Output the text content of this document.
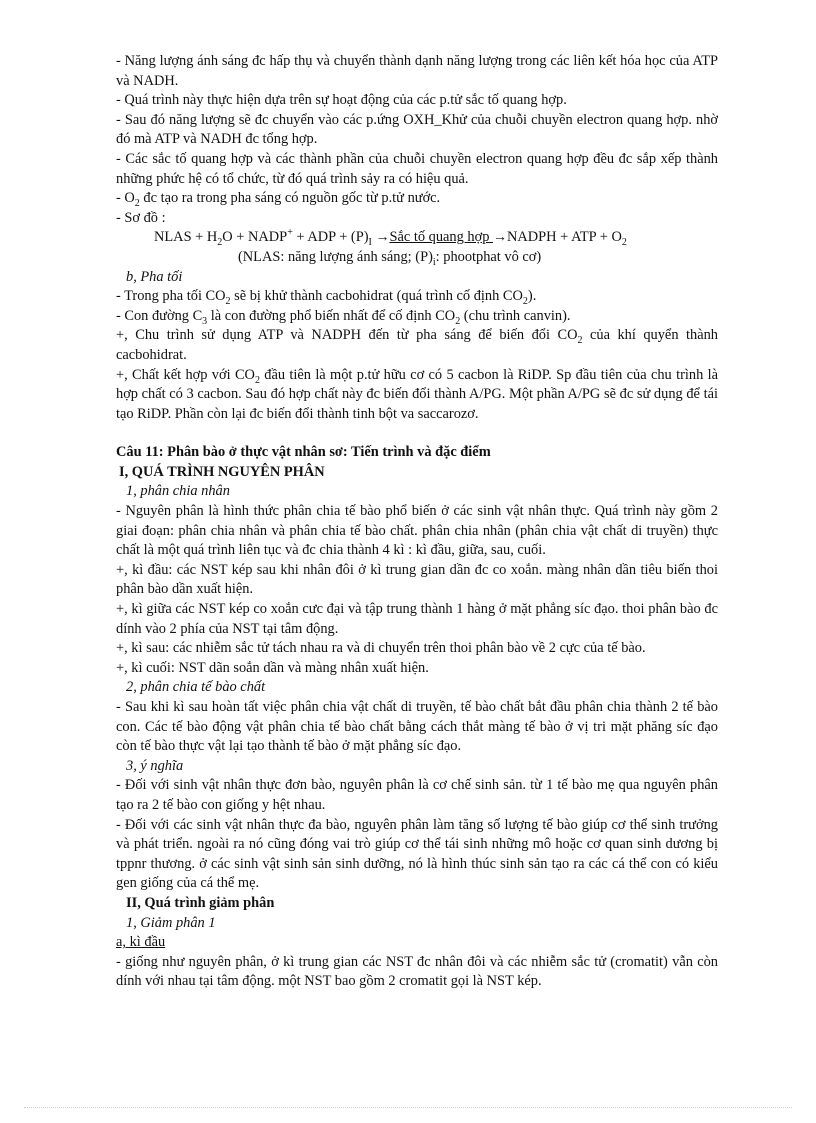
- Năng lượng ánh sáng đc hấp thụ và chuyển thành dạnh năng lượng trong các liên kết hóa học của ATP và NADH.

- Quá trình này thực hiện dựa trên sự hoạt động của các p.tử sắc tố quang hợp.

- Sau đó năng lượng sẽ đc chuyển vào các p.ứng OXH_Khử của chuỗi chuyền electron quang hợp. nhờ đó mà ATP và NADH đc tổng hợp.

- Các sắc tố quang hợp và các thành phần của chuỗi chuyền electron quang hợp đều đc sắp xếp thành những phức hệ có tổ chức, từ đó quá trình sảy ra có hiệu quả.

- $O_2$ đc tạo ra trong pha sáng có nguồn gốc từ p.tử nước.

- Sơ đồ :

NLAS + $H_2O$ + NADP+ + ADP + $(P)_I$ →Sắc tố quang hợp →NADPH + ATP + $O_2$

(NLAS: năng lượng ánh sáng; $(P)_i$: phootphat vô cơ)

b, Pha tối

- Trong pha tối $CO_2$ sẽ bị khử thành cacbohidrat (quá trình cố định $CO_2$).

- Con đường $C_3$ là con đường phổ biến nhất để cố định $CO_2$ (chu trình canvin).

+, Chu trình sử dụng ATP và NADPH đến từ pha sáng để biến đổi $CO_2$ của khí quyển thành cacbohidrat.

+, Chất kết hợp với $CO_2$ đầu tiên là một p.tử hữu cơ có 5 cacbon là RiDP. Sp đầu tiên của chu trình là hợp chất có 3 cacbon. Sau đó hợp chất này đc biến đổi thành A/PG. Một phần A/PG sẽ đc sử dụng để tái tạo RiDP. Phần còn lại đc biến đổi thành tinh bột va saccarozơ.

Câu 11: Phân bào ở thực vật nhân sơ: Tiến trình và đặc điểm

I, QUÁ TRÌNH NGUYÊN PHÂN

1, phân chia nhân

- Nguyên phân là hình thức phân chia tế bào phổ biến ở các sinh vật nhân thực. Quá trình này gồm 2 giai đoạn: phân chia nhân và phân chia tế bào chất. phân chia nhân (phân chia vật chất di truyền) thực chất là một quá trình liên tục và đc chia thành 4 kì : kì đầu, giữa, sau, cuối.

+, kì đầu: các NST kép sau khi nhân đôi ở kì trung gian dần đc co xoắn. màng nhân dần tiêu biến thoi phân bào dần xuất hiện.

+, kì giữa các NST kép co xoắn cưc đại và tập trung thành 1 hàng ở mặt phẳng síc đạo. thoi phân bào đc dính vào 2 phía của NST tại tâm động.

+, kì sau: các nhiễm sắc tử tách nhau ra và di chuyển trên thoi phân bào về 2 cực của tế bào.

+, kì cuối: NST dãn soắn dần và màng nhân xuất hiện.

2, phân chia tế bào chất

- Sau khi kì sau hoàn tất việc phân chia vật chất di truyền, tế bào chất bắt đầu phân chia thành 2 tế bào con. Các tế bào động vật phân chia tế bào chất bằng cách thắt màng tế bào ở vị tri mặt phăng síc đạo còn tế bào thực vật lại tạo thành tế bào ở mặt phẳng síc đạo.

3, ý nghĩa

- Đối với sinh vật nhân thực đơn bào, nguyên phân là cơ chế sinh sản. từ 1 tế bào mẹ qua nguyên phân tạo ra 2 tế bào con giống y hệt nhau.

- Đối với các sinh vật nhân thực đa bào, nguyên phân làm tăng số lượng tế bào giúp cơ thể sinh trưởng và phát triển. ngoài ra nó cũng đóng vai trò giúp cơ thể tái sinh những mô hoặc cơ quan sinh dương bị tppnr thương. ở các sinh vật sinh sản sinh dưỡng, nó là hình thúc sinh sản tạo ra các cá thể con có kiểu gen giống của cá thể mẹ.

II, Quá trình giảm phân

1, Giảm phân 1

a, kì đầu

- giống như nguyên phân, ở kì trung gian các NST đc nhân đôi và các nhiễm sắc tử (cromatit) vẫn còn dính với nhau tại tâm động. một NST bao gồm 2 cromatit gọi là NST kép.
